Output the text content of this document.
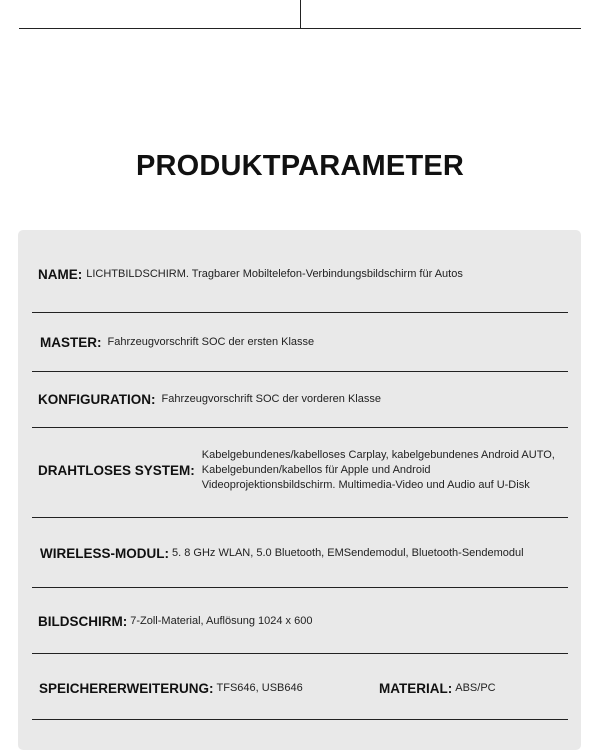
PRODUKTPARAMETER
NAME: LICHTBILDSCHIRM. Tragbarer Mobiltelefon-Verbindungsbildschirm für Autos
MASTER: Fahrzeugvorschrift SOC der ersten Klasse
KONFIGURATION: Fahrzeugvorschrift SOC der vorderen Klasse
DRAHTLOSES SYSTEM:
Kabelgebundenes/kabelloses Carplay, kabelgebundenes Android AUTO,
Kabelgebunden/kabellos für Apple und Android
Videoprojektionsbildschirm. Multimedia-Video und Audio auf U-Disk
WIRELESS-MODUL: 5. 8 GHz WLAN, 5.0 Bluetooth, EMSendemodul, Bluetooth-Sendemodul
BILDSCHIRM: 7-Zoll-Material, Auflösung 1024 x 600
SPEICHERERWEITERUNG: TFS646, USB646	MATERIAL: ABS/PC
